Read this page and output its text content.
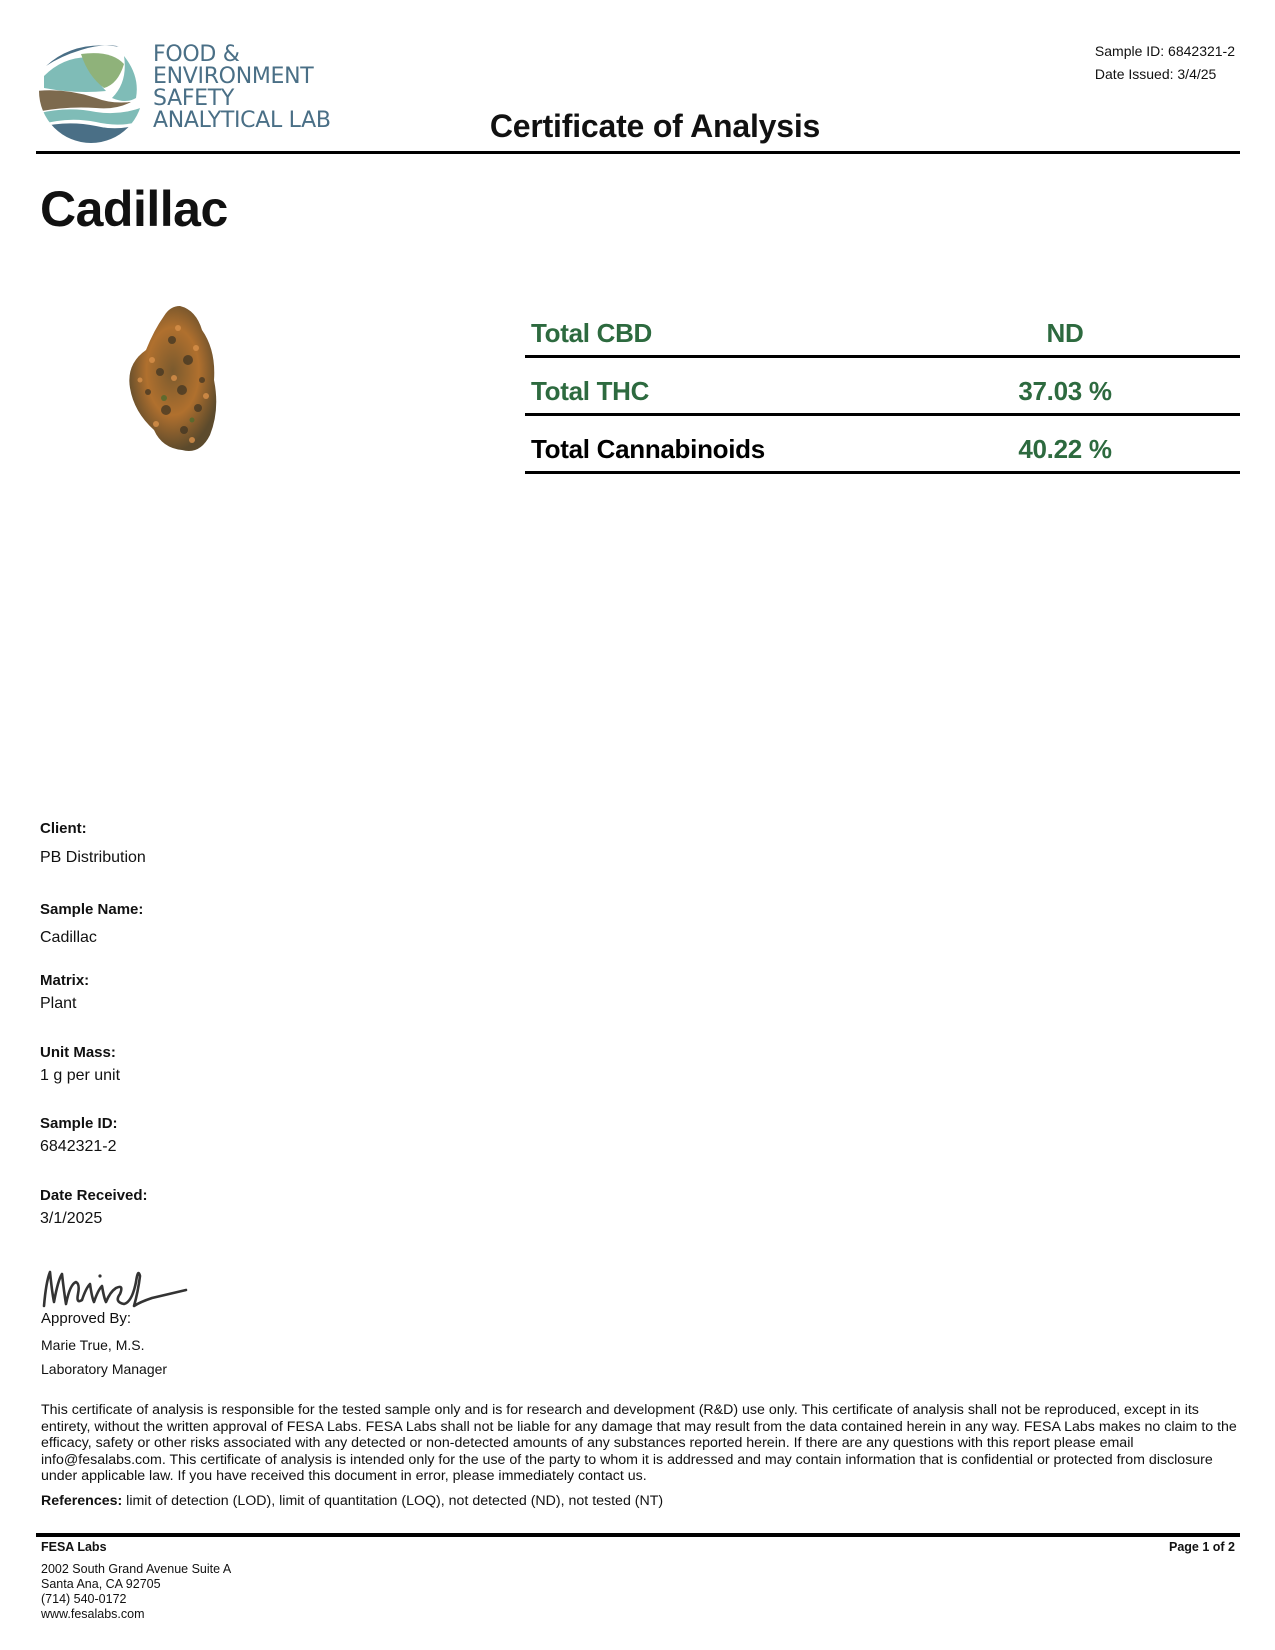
FOOD &
ENVIRONMENT
SAFETY
ANALYTICAL LAB	Certificate of Analysis
Sample ID: 6842321-2
Date Issued: 3/4/25
Cadillac
Total CBD	ND
Total THC	37.03 %
Total Cannabinoids	40.22 %
Client:
PB Distribution
Sample Name:
Cadillac
Matrix:
Plant
Unit Mass:
1 g per unit
Sample ID:
6842321-2
Date Received:
3/1/2025
Approved By:
Marie True, M.S.
Laboratory Manager
This certificate of analysis is responsible for the tested sample only and is for research and development (R&D) use only. This certificate of analysis shall not be reproduced, except in its entirety, without the written approval of FESA Labs. FESA Labs shall not be liable for any damage that may result from the data contained herein in any way. FESA Labs makes no claim to the efficacy, safety or other risks associated with any detected or non-detected amounts of any substances reported herein. If there are any questions with this report please email info@fesalabs.com. This certificate of analysis is intended only for the use of the party to whom it is addressed and may contain information that is confidential or protected from disclosure under applicable law. If you have received this document in error, please immediately contact us.
References: limit of detection (LOD), limit of quantitation (LOQ), not detected (ND), not tested (NT)
FESA Labs	Page 1 of 2
2002 South Grand Avenue Suite A
Santa Ana, CA 92705
(714) 540-0172
www.fesalabs.com
